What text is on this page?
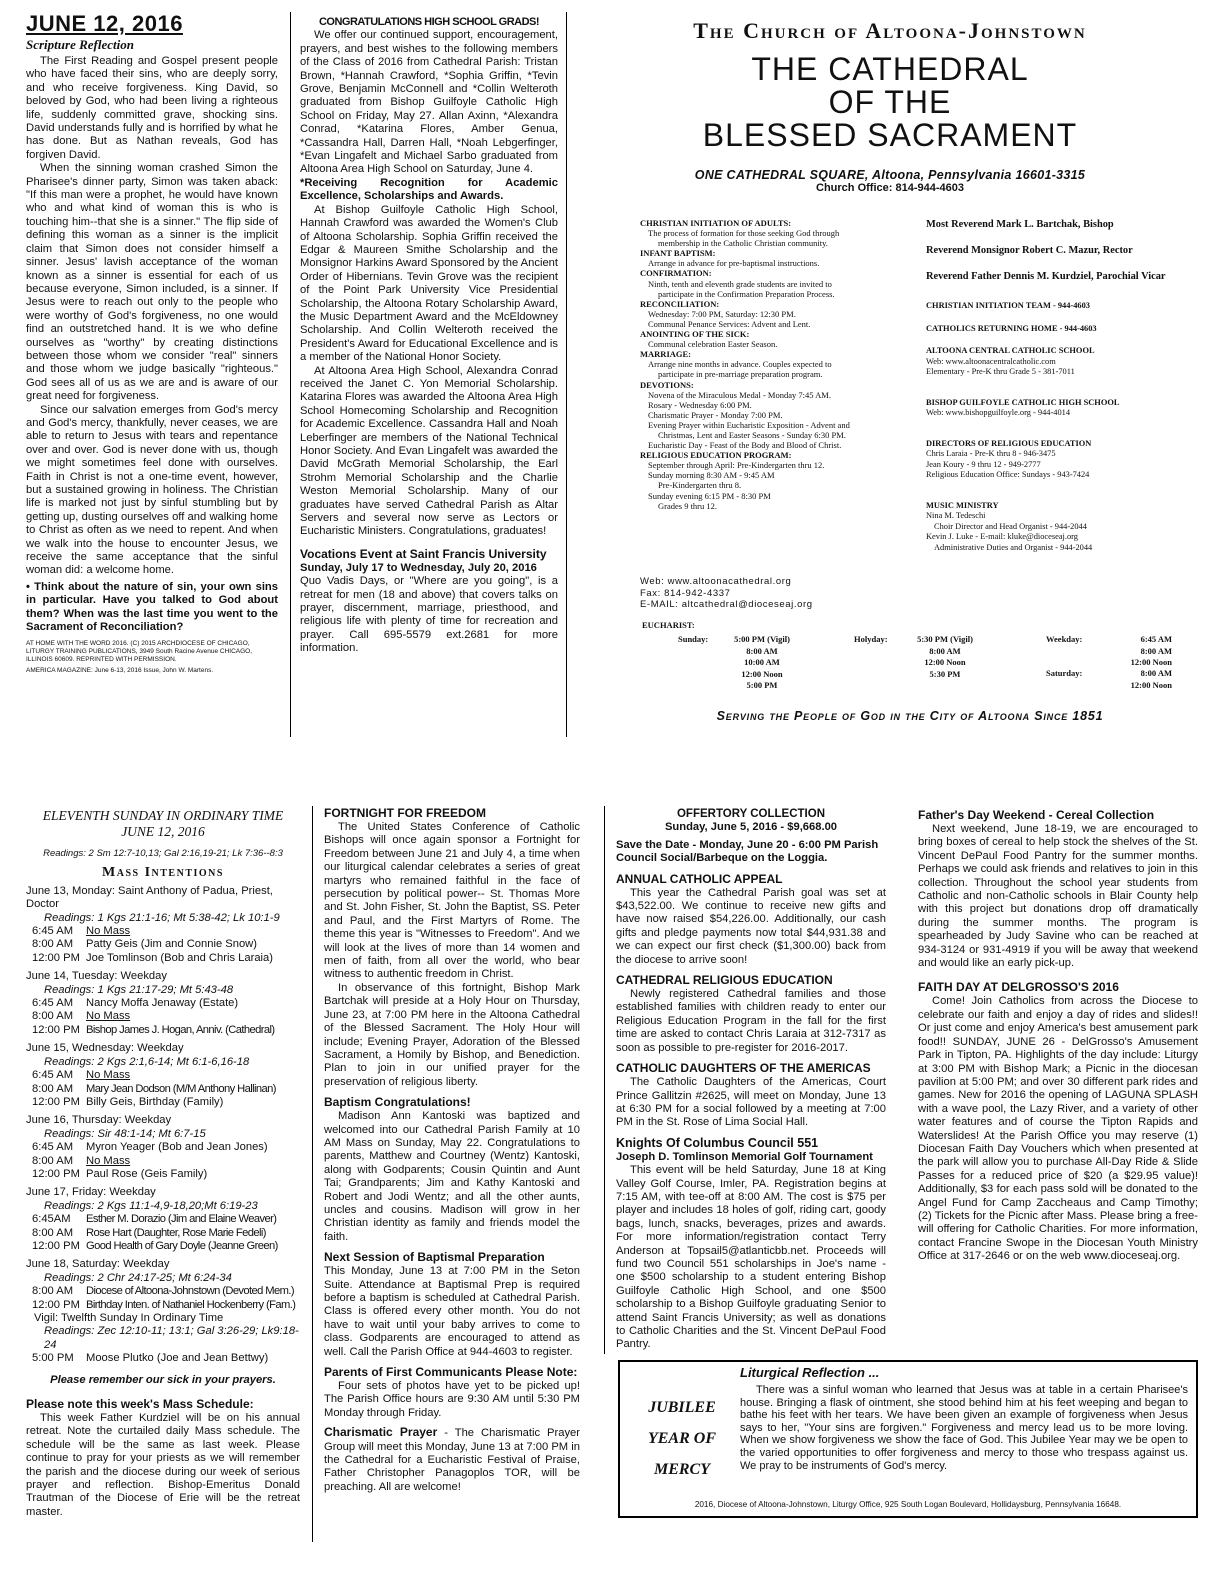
JUNE 12, 2016
Scripture Reflection

The First Reading and Gospel present people who have faced their sins, who are deeply sorry, and who receive forgiveness. King David, so beloved by God, who had been living a righteous life, suddenly committed grave, shocking sins. David understands fully and is horrified by what he has done. But as Nathan reveals, God has forgiven David.

When the sinning woman crashed Simon the Pharisee's dinner party, Simon was taken aback: "If this man were a prophet, he would have known who and what kind of woman this is who is touching him--that she is a sinner." The flip side of defining this woman as a sinner is the implicit claim that Simon does not consider himself a sinner. Jesus' lavish acceptance of the woman known as a sinner is essential for each of us because everyone, Simon included, is a sinner. If Jesus were to reach out only to the people who were worthy of God's forgiveness, no one would find an outstretched hand. It is we who define ourselves as "worthy" by creating distinctions between those whom we consider "real" sinners and those whom we judge basically "righteous." God sees all of us as we are and is aware of our great need for forgiveness.

Since our salvation emerges from God's mercy and God's mercy, thankfully, never ceases, we are able to return to Jesus with tears and repentance over and over. God is never done with us, though we might sometimes feel done with ourselves. Faith in Christ is not a one-time event, however, but a sustained growing in holiness. The Christian life is marked not just by sinful stumbling but by getting up, dusting ourselves off and walking home to Christ as often as we need to repent. And when we walk into the house to encounter Jesus, we receive the same acceptance that the sinful woman did: a welcome home.

• Think about the nature of sin, your own sins in particular. Have you talked to God about them? When was the last time you went to the Sacrament of Reconciliation?
AT HOME WITH THE WORD 2016. (C) 2015 ARCHDIOCESE OF CHICAGO, LITURGY TRAINING PUBLICATIONS, 3949 South Racine Avenue CHICAGO, ILLINOIS 60609. REPRINTED WITH PERMISSION.
AMERICA MAGAZINE: June 6-13, 2016 Issue, John W. Martens.
CONGRATULATIONS HIGH SCHOOL GRADS!

We offer our continued support, encouragement, prayers, and best wishes to the following members of the Class of 2016 from Cathedral Parish: Tristan Brown, *Hannah Crawford, *Sophia Griffin, *Tevin Grove, Benjamin McConnell and *Collin Welteroth graduated from Bishop Guilfoyle Catholic High School on Friday, May 27. Allan Axinn, *Alexandra Conrad, *Katarina Flores, Amber Genua, *Cassandra Hall, Darren Hall, *Noah Lebgerfinger, *Evan Lingafelt and Michael Sarbo graduated from Altoona Area High School on Saturday, June 4.

*Receiving Recognition for Academic Excellence, Scholarships and Awards.

At Bishop Guilfoyle Catholic High School, Hannah Crawford was awarded the Women's Club of Altoona Scholarship. Sophia Griffin received the Edgar & Maureen Smithe Scholarship and the Monsignor Harkins Award Sponsored by the Ancient Order of Hibernians. Tevin Grove was the recipient of the Point Park University Vice Presidential Scholarship, the Altoona Rotary Scholarship Award, the Music Department Award and the McEldowney Scholarship. And Collin Welteroth received the President's Award for Educational Excellence and is a member of the National Honor Society.

At Altoona Area High School, Alexandra Conrad received the Janet C. Yon Memorial Scholarship. Katarina Flores was awarded the Altoona Area High School Homecoming Scholarship and Recognition for Academic Excellence. Cassandra Hall and Noah Leberfinger are members of the National Technical Honor Society. And Evan Lingafelt was awarded the David McGrath Memorial Scholarship, the Earl Strohm Memorial Scholarship and the Charlie Weston Memorial Scholarship. Many of our graduates have served Cathedral Parish as Altar Servers and several now serve as Lectors or Eucharistic Ministers. Congratulations, graduates!

Vocations Event at Saint Francis University
Sunday, July 17 to Wednesday, July 20, 2016

Quo Vadis Days, or "Where are you going", is a retreat for men (18 and above) that covers talks on prayer, discernment, marriage, priesthood, and religious life with plenty of time for recreation and prayer. Call 695-5579 ext.2681 for more information.

The Church of Altoona-Johnstown
THE CATHEDRAL
OF THE
BLESSED SACRAMENT
ONE CATHEDRAL SQUARE, Altoona, Pennsylvania 16601-3315
Church Office: 814-944-4603
CHRISTIAN INITIATION OF ADULTS:
The process of formation for those seeking God through
membership in the Catholic Christian community.
INFANT BAPTISM:
Arrange in advance for pre-baptismal instructions.
CONFIRMATION:
Ninth, tenth and eleventh grade students are invited to
participate in the Confirmation Preparation Process.
RECONCILIATION:
Wednesday: 7:00 PM, Saturday: 12:30 PM.
Communal Penance Services: Advent and Lent.
ANOINTING OF THE SICK:
Communal celebration Easter Season.
MARRIAGE:
Arrange nine months in advance. Couples expected to
participate in pre-marriage preparation program.
DEVOTIONS:
Novena of the Miraculous Medal - Monday 7:45 AM.
Rosary - Wednesday 6:00 PM.
Charismatic Prayer - Monday 7:00 PM.
Evening Prayer within Eucharistic Exposition - Advent and
Christmas, Lent and Easter Seasons - Sunday 6:30 PM.
Eucharistic Day - Feast of the Body and Blood of Christ.
RELIGIOUS EDUCATION PROGRAM:
September through April: Pre-Kindergarten thru 12.
Sunday morning 8:30 AM - 9:45 AM
Pre-Kindergarten thru 8.
Sunday evening 6:15 PM - 8:30 PM
Grades 9 thru 12.
Web: www.altoonacathedral.org
Fax: 814-942-4337
E-MAIL: altcathedral@dioceseaj.org
Most Reverend Mark L. Bartchak, Bishop
Reverend Monsignor Robert C. Mazur, Rector
Reverend Father Dennis M. Kurdziel, Parochial Vicar
CHRISTIAN INITIATION TEAM - 944-4603
CATHOLICS RETURNING HOME - 944-4603
ALTOONA CENTRAL CATHOLIC SCHOOL
Web: www.altoonacentralcatholic.com
Elementary - Pre-K thru Grade 5 - 381-7011
BISHOP GUILFOYLE CATHOLIC HIGH SCHOOL
Web: www.bishopguilfoyle.org - 944-4014
DIRECTORS OF RELIGIOUS EDUCATION
Chris Laraia - Pre-K thru 8 - 946-3475
Jean Koury - 9 thru 12 - 949-2777
Religious Education Office: Sundays - 943-7424
MUSIC MINISTRY
Nina M. Tedeschi
Choir Director and Head Organist - 944-2044
Kevin J. Luke - E-mail: kluke@dioceseaj.org
Administrative Duties and Organist - 944-2044
EUCHARIST:
Sunday:	5:00 PM (Vigil)
8:00 AM
10:00 AM
12:00 Noon
5:00 PM
Holyday:	5:30 PM (Vigil)
8:00 AM
12:00 Noon
5:30 PM
Weekday:	6:45 AM
8:00 AM
12:00 Noon
Saturday:	8:00 AM
12:00 Noon
Serving the People of God in the City of Altoona Since 1851
ELEVENTH SUNDAY IN ORDINARY TIME
JUNE 12, 2016
Readings: 2 Sm 12:7-10,13; Gal 2:16,19-21; Lk 7:36--8:3
Mass Intentions
June 13, Monday: Saint Anthony of Padua, Priest, Doctor
Readings: 1 Kgs 21:1-16; Mt 5:38-42; Lk 10:1-9
6:45 AM	No Mass
8:00 AM	Patty Geis (Jim and Connie Snow)
12:00 PM Joe Tomlinson (Bob and Chris Laraia)
June 14, Tuesday: Weekday
Readings: 1 Kgs 21:17-29; Mt 5:43-48
6:45 AM	Nancy Moffa Jenaway (Estate)
8:00 AM	No Mass
12:00 PM Bishop James J. Hogan, Anniv. (Cathedral)
June 15, Wednesday: Weekday
Readings: 2 Kgs 2:1,6-14; Mt 6:1-6,16-18
6:45 AM	No Mass
8:00 AM	Mary Jean Dodson (M/M Anthony Hallinan)
12:00 PM Billy Geis, Birthday (Family)
June 16, Thursday: Weekday
Readings: Sir 48:1-14; Mt 6:7-15
6:45 AM	Myron Yeager (Bob and Jean Jones)
8:00 AM	No Mass
12:00 PM Paul Rose (Geis Family)
June 17, Friday: Weekday
Readings: 2 Kgs 11:1-4,9-18,20;Mt 6:19-23
6:45AM	Esther M. Dorazio (Jim and Elaine Weaver)
8:00 AM	Rose Hart (Daughter, Rose Marie Fedeli)
12:00 PM Good Health of Gary Doyle (Jeanne Green)
June 18, Saturday: Weekday
Readings: 2 Chr 24:17-25; Mt 6:24-34
8:00 AM	Diocese of Altoona-Johnstown (Devoted Mem.)
12:00 PM Birthday Inten. of Nathaniel Hockenberry (Fam.)
Vigil: Twelfth Sunday In Ordinary Time
Readings: Zec 12:10-11; 13:1; Gal 3:26-29; Lk9:18-24
5:00 PM	Moose Plutko (Joe and Jean Bettwy)
Please remember our sick in your prayers.
Please note this week's Mass Schedule:

This week Father Kurdziel will be on his annual retreat. Note the curtailed daily Mass schedule. The schedule will be the same as last week. Please continue to pray for your priests as we will remember the parish and the diocese during our week of serious prayer and reflection. Bishop-Emeritus Donald Trautman of the Diocese of Erie will be the retreat master.

FORTNIGHT FOR FREEDOM

The United States Conference of Catholic Bishops will once again sponsor a Fortnight for Freedom between June 21 and July 4, a time when our liturgical calendar celebrates a series of great martyrs who remained faithful in the face of persecution by political power-- St. Thomas More and St. John Fisher, St. John the Baptist, SS. Peter and Paul, and the First Martyrs of Rome. The theme this year is "Witnesses to Freedom". And we will look at the lives of more than 14 women and men of faith, from all over the world, who bear witness to authentic freedom in Christ.

In observance of this fortnight, Bishop Mark Bartchak will preside at a Holy Hour on Thursday, June 23, at 7:00 PM here in the Altoona Cathedral of the Blessed Sacrament. The Holy Hour will include; Evening Prayer, Adoration of the Blessed Sacrament, a Homily by Bishop, and Benediction. Plan to join in our unified prayer for the preservation of religious liberty.

Baptism Congratulations!

Madison Ann Kantoski was baptized and welcomed into our Cathedral Parish Family at 10 AM Mass on Sunday, May 22. Congratulations to parents, Matthew and Courtney (Wentz) Kantoski, along with Godparents; Cousin Quintin and Aunt Tai; Grandparents; Jim and Kathy Kantoski and Robert and Jodi Wentz; and all the other aunts, uncles and cousins. Madison will grow in her Christian identity as family and friends model the faith.

Next Session of Baptismal Preparation

This Monday, June 13 at 7:00 PM in the Seton Suite. Attendance at Baptismal Prep is required before a baptism is scheduled at Cathedral Parish. Class is offered every other month. You do not have to wait until your baby arrives to come to class. Godparents are encouraged to attend as well. Call the Parish Office at 944-4603 to register.

Parents of First Communicants Please Note:

Four sets of photos have yet to be picked up! The Parish Office hours are 9:30 AM until 5:30 PM Monday through Friday.

Charismatic Prayer - The Charismatic Prayer Group will meet this Monday, June 13 at 7:00 PM in the Cathedral for a Eucharistic Festival of Praise, Father Christopher Panagoplos TOR, will be preaching. All are welcome!
OFFERTORY COLLECTION
Sunday, June 5, 2016 - $9,668.00
Save the Date - Monday, June 20 - 6:00 PM Parish Council Social/Barbeque on the Loggia.
ANNUAL CATHOLIC APPEAL

This year the Cathedral Parish goal was set at $43,522.00. We continue to receive new gifts and have now raised $54,226.00. Additionally, our cash gifts and pledge payments now total $44,931.38 and we can expect our first check ($1,300.00) back from the diocese to arrive soon!

CATHEDRAL RELIGIOUS EDUCATION

Newly registered Cathedral families and those established families with children ready to enter our Religious Education Program in the fall for the first time are asked to contact Chris Laraia at 312-7317 as soon as possible to pre-register for 2016-2017.

CATHOLIC DAUGHTERS OF THE AMERICAS

The Catholic Daughters of the Americas, Court Prince Gallitzin #2625, will meet on Monday, June 13 at 6:30 PM for a social followed by a meeting at 7:00 PM in the St. Rose of Lima Social Hall.

Knights Of Columbus Council 551
Joseph D. Tomlinson Memorial Golf Tournament

This event will be held Saturday, June 18 at King Valley Golf Course, Imler, PA. Registration begins at 7:15 AM, with tee-off at 8:00 AM. The cost is $75 per player and includes 18 holes of golf, riding cart, goody bags, lunch, snacks, beverages, prizes and awards. For more information/registration contact Terry Anderson at Topsail5@atlanticbb.net. Proceeds will fund two Council 551 scholarships in Joe's name - one $500 scholarship to a student entering Bishop Guilfoyle Catholic High School, and one $500 scholarship to a Bishop Guilfoyle graduating Senior to attend Saint Francis University; as well as donations to Catholic Charities and the St. Vincent DePaul Food Pantry.

Father's Day Weekend - Cereal Collection

Next weekend, June 18-19, we are encouraged to bring boxes of cereal to help stock the shelves of the St. Vincent DePaul Food Pantry for the summer months. Perhaps we could ask friends and relatives to join in this collection. Throughout the school year students from Catholic and non-Catholic schools in Blair County help with this project but donations drop off dramatically during the summer months. The program is spearheaded by Judy Savine who can be reached at 934-3124 or 931-4919 if you will be away that weekend and would like an early pick-up.

FAITH DAY AT DELGROSSO'S 2016

Come! Join Catholics from across the Diocese to celebrate our faith and enjoy a day of rides and slides!! Or just come and enjoy America's best amusement park food!! SUNDAY, JUNE 26 - DelGrosso's Amusement Park in Tipton, PA. Highlights of the day include: Liturgy at 3:00 PM with Bishop Mark; a Picnic in the diocesan pavilion at 5:00 PM; and over 30 different park rides and games. New for 2016 the opening of LAGUNA SPLASH with a wave pool, the Lazy River, and a variety of other water features and of course the Tipton Rapids and Waterslides! At the Parish Office you may reserve (1) Diocesan Faith Day Vouchers which when presented at the park will allow you to purchase All-Day Ride & Slide Passes for a reduced price of $20 (a $29.95 value)! Additionally, $3 for each pass sold will be donated to the Angel Fund for Camp Zaccheaus and Camp Timothy; (2) Tickets for the Picnic after Mass. Please bring a free-will offering for Catholic Charities. For more information, contact Francine Swope in the Diocesan Youth Ministry Office at 317-2646 or on the web www.dioceseaj.org.

JUBILEE
YEAR OF
MERCY
Liturgical Reflection ...
There was a sinful woman who learned that Jesus was at table in a certain Pharisee's house. Bringing a flask of ointment, she stood behind him at his feet weeping and began to bathe his feet with her tears. We have been given an example of forgiveness when Jesus says to her, "Your sins are forgiven." Forgiveness and mercy lead us to be more loving. When we show forgiveness we show the face of God. This Jubilee Year may we be open to the varied opportunities to offer forgiveness and mercy to those who trespass against us. We pray to be instruments of God's mercy.
2016, Diocese of Altoona-Johnstown, Liturgy Office, 925 South Logan Boulevard, Hollidaysburg, Pennsylvania 16648.
